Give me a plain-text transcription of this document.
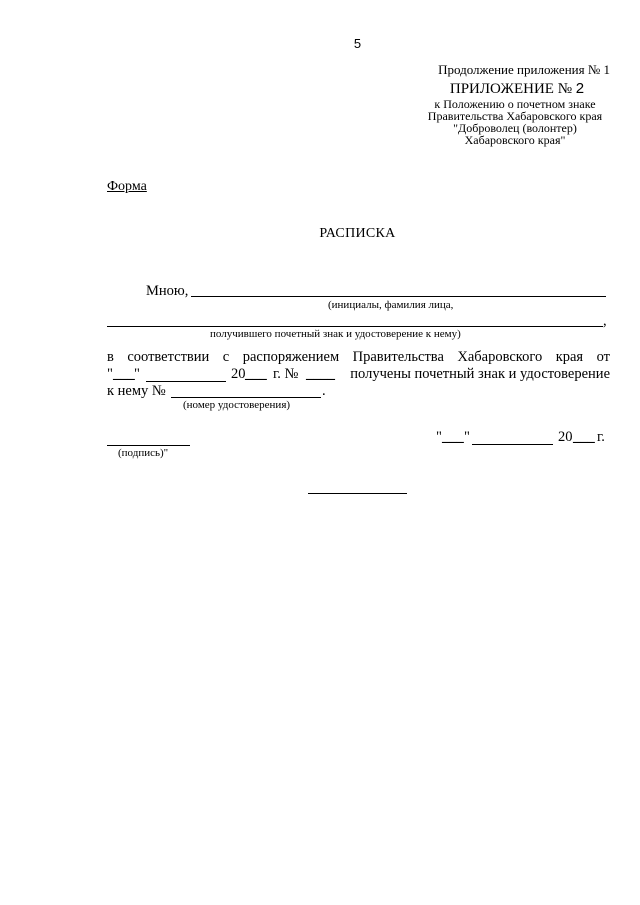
5
Продолжение приложения № 1
ПРИЛОЖЕНИЕ № 2
к Положению о почетном знаке
Правительства Хабаровского края
"Доброволец (волонтер)
Хабаровского края"
Форма
РАСПИСКА
Мною,
(инициалы, фамилия лица,
,
получившего почетный знак и удостоверение к нему)
в соответствии с распоряжением Правительства Хабаровского края от
" ___ "	20 ___ г. № ____	получены почетный знак и удостоверение
к нему №	.
(номер удостоверения)
(подпись)"
" ___ "	20 ___ г.
